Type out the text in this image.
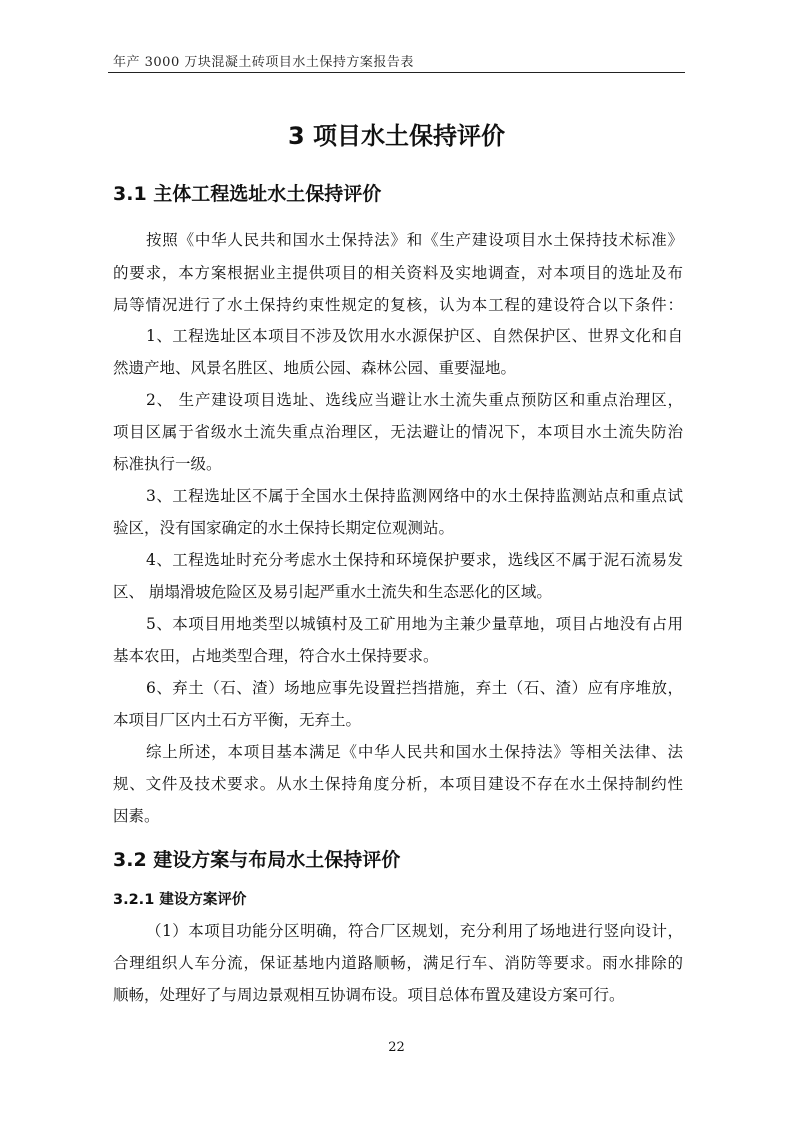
年产 3000 万块混凝土砖项目水土保持方案报告表
3 项目水土保持评价
3.1 主体工程选址水土保持评价
按照《中华人民共和国水土保持法》和《生产建设项目水土保持技术标准》
的要求，本方案根据业主提供项目的相关资料及实地调查，对本项目的选址及布
局等情况进行了水土保持约束性规定的复核，认为本工程的建设符合以下条件：
1、工程选址区本项目不涉及饮用水水源保护区、自然保护区、世界文化和自
然遗产地、风景名胜区、地质公园、森林公园、重要湿地。
2、 生产建设项目选址、选线应当避让水土流失重点预防区和重点治理区，
项目区属于省级水土流失重点治理区，无法避让的情况下，本项目水土流失防治
标准执行一级。
3、工程选址区不属于全国水土保持监测网络中的水土保持监测站点和重点试
验区，没有国家确定的水土保持长期定位观测站。
4、工程选址时充分考虑水土保持和环境保护要求，选线区不属于泥石流易发
区、 崩塌滑坡危险区及易引起严重水土流失和生态恶化的区域。
5、本项目用地类型以城镇村及工矿用地为主兼少量草地，项目占地没有占用
基本农田，占地类型合理，符合水土保持要求。
6、弃土（石、渣）场地应事先设置拦挡措施，弃土（石、渣）应有序堆放，
本项目厂区内土石方平衡，无弃土。
综上所述，本项目基本满足《中华人民共和国水土保持法》等相关法律、法
规、文件及技术要求。从水土保持角度分析，本项目建设不存在水土保持制约性
因素。
3.2 建设方案与布局水土保持评价
3.2.1 建设方案评价
（1）本项目功能分区明确，符合厂区规划，充分利用了场地进行竖向设计，
合理组织人车分流，保证基地内道路顺畅，满足行车、消防等要求。雨水排除的
顺畅，处理好了与周边景观相互协调布设。项目总体布置及建设方案可行。
22
